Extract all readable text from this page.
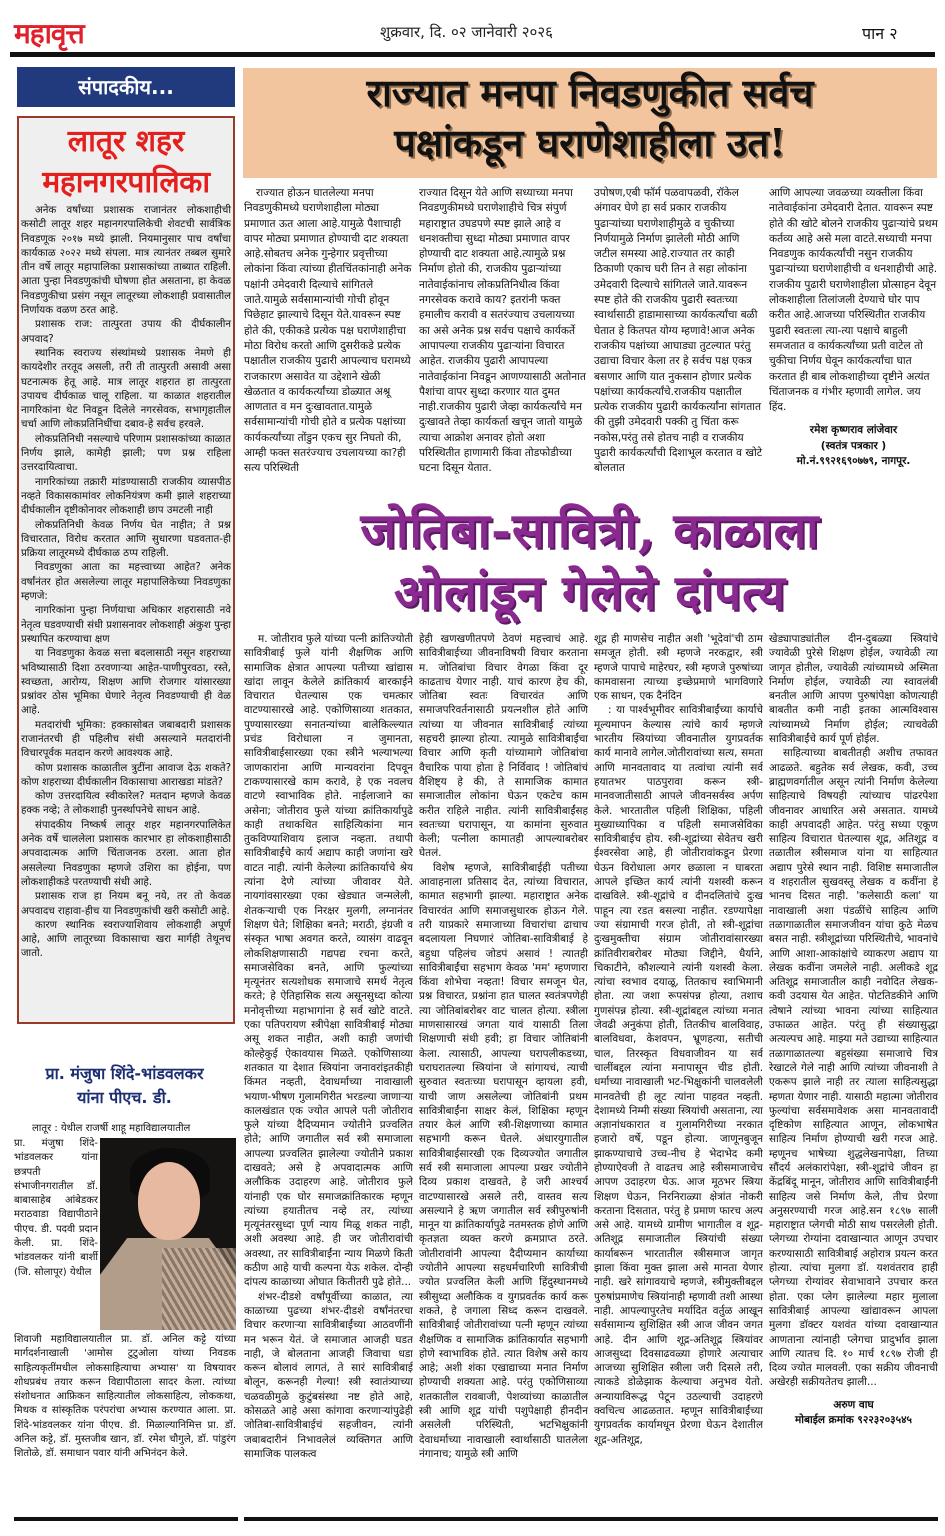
महावृत्त	शुक्रवार, दि. ०२ जानेवारी २०२६	पान २
संपादकीय...
लातूर शहर
महानगरपालिका

अनेक वर्षांच्या प्रशासक राजानंतर लोकशाहीची कसोटी लातूर शहर महानगरपालिकेची शेवटची सार्वत्रिक निवडणूक २०१७ मध्ये झाली. नियमानुसार पाच वर्षांचा कार्यकाळ २०२२ मध्ये संपला. मात्र त्यानंतर तब्बल सुमारे तीन वर्षे लातूर महापालिका प्रशासकांच्या ताब्यात राहिली. आता पुन्हा निवडणुकांची घोषणा होत असताना, हा केवळ निवडणुकीचा प्रसंग नसून लातूरच्या लोकशाही प्रवासातील निर्णायक वळण ठरत आहे.

प्रशासक राज: तात्पुरता उपाय की दीर्घकालीन अपवाद?

स्थानिक स्वराज्य संस्थांमध्ये प्रशासक नेमणे ही कायदेशीर तरतूद असली, तरी ती तात्पुरती असावी असा घटनात्मक हेतू आहे. मात्र लातूर शहरात हा तात्पुरता उपायच दीर्घकाळ चालू राहिला. या काळात शहरातील नागरिकांना थेट निवडून दिलेले नगरसेवक, सभागृहातील चर्चा आणि लोकप्रतिनिधींचा दबाव-हे सर्वच हरवले.

लोकप्रतिनिधी नसल्याचे परिणाम प्रशासकांच्या काळात निर्णय झाले, कामेही झाली; पण प्रश्न राहिला उत्तरदायित्वाचा.

नागरिकांच्या तक्रारी मांडण्यासाठी राजकीय व्यासपीठ नव्हते विकासकामांवर लोकनियंत्रण कमी झाले शहराच्या दीर्घकालीन दृष्टीकोनावर लोकशाही छाप उमटली नाही

लोकप्रतिनिधी केवळ निर्णय घेत नाहीत; ते प्रश्न विचारतात, विरोध करतात आणि सुधारणा घडवतात-ही प्रक्रिया लातूरमध्ये दीर्घकाळ ठप्प राहिली.

निवडणुका आता का महत्त्वाच्या आहेत? अनेक वर्षांनंतर होत असलेल्या लातूर महापालिकेच्या निवडणुका म्हणजे:

नागरिकांना पुन्हा निर्णयाचा अधिकार शहरासाठी नवे नेतृत्व घडवण्याची संधी प्रशासनावर लोकशाही अंकुश पुन्हा प्रस्थापित करण्याचा क्षण

या निवडणुका केवळ सत्ता बदलासाठी नसून शहराच्या भविष्यासाठी दिशा ठरवणाऱ्या आहेत-पाणीपुरवठा, रस्ते, स्वच्छता, आरोग्य, शिक्षण आणि रोजगार यांसारख्या प्रश्नांवर ठोस भूमिका घेणारे नेतृत्व निवडण्याची ही वेळ आहे.

मतदारांची भूमिका: हक्कासोबत जबाबदारी प्रशासक राजानंतरची ही पहिलीच संधी असल्याने मतदारांनी विचारपूर्वक मतदान करणे आवश्यक आहे.

कोण प्रशासक काळातील त्रुटींना आवाज देऊ शकते? कोण शहराच्या दीर्घकालीन विकासाचा आराखडा मांडते?

कोण उत्तरदायित्व स्वीकारेल? मतदान म्हणजे केवळ हक्क नव्हे; ते लोकशाही पुनर्स्थापनेचे साधन आहे.

संपादकीय निष्कर्ष लातूर शहर महानगरपालिकेत अनेक वर्षे चाललेला प्रशासक कारभार हा लोकशाहीसाठी अपवादात्मक आणि चिंताजनक ठरला. आता होत असलेल्या निवडणुका म्हणजे उशिरा का होईना, पण लोकशाहीकडे परतण्याची संधी आहे.

प्रशासक राज हा नियम बनू नये, तर तो केवळ अपवादच राहावा-हीच या निवडणुकांची खरी कसोटी आहे.

कारण स्थानिक स्वराज्याशिवाय लोकशाही अपूर्ण आहे, आणि लातूरच्या विकासाचा खरा मार्गही तेथूनच जातो.

प्रा. मंजुषा शिंदे-भांडवलकर
यांना पीएच. डी.
लातूर : येथील राजर्षी शाहू महाविद्यालयातील
प्रा. मंजुषा शिंदे-भांडवलकर यांना छत्रपती संभाजीनगरातील डॉ. बाबासाहेब आंबेडकर मराठवाडा विद्यापीठाने पीएच. डी. पदवी प्रदान केली. प्रा. शिंदे-भांडवलकर यांनी बार्शी (जि. सोलापूर) येथील
शिवाजी महाविद्यालयातील प्रा. डॉ. अनिल कट्टे यांच्या मार्गदर्शनाखाली 'आमोस टुटुओला यांच्या निवडक साहित्यकृतींमधील लोकसाहित्याचा अभ्यास' या विषयावर शोधप्रबंध तयार करून विद्यापीठाला सादर केला. त्यांच्या संशोधनात आफ्रिकन साहित्यातील लोकसाहित्य, लोककथा, मिथक व सांस्कृतिक परंपरांचा अभ्यास करण्यात आला. प्रा. शिंदे-भांडवलकर यांना पीएच. डी. मिळाल्यानिमित्त प्रा. डॉ. अनिल कट्टे, डॉ. मुस्तजीब खान, डॉ. रमेश चौगुले, डॉ. पांडुरंग शितोळे, डॉ. समाधान पवार यांनी अभिनंदन केले.
राज्यात मनपा निवडणुकीत सर्वच
पक्षांकडून घराणेशाहीला उत!

राज्यात होऊन घातलेल्या मनपा निवडणुकीमध्ये घराणेशाहीला मोठ्या प्रमाणात ऊत आला आहे.यामुळे पैशाचाही वापर मोठ्या प्रमाणात होण्याची दाट शक्यता आहे.सोबतच अनेक गुन्हेगार प्रवृत्तीच्या लोकांना किंवा त्यांच्या हीतचिंतकांनाही अनेक पक्षांनी उमेदवारी दिल्याचे सांगितले जाते.यामुळे सर्वसामान्यांची गोची होवून पिछेहाट झाल्याचे दिसून येते.यावरून स्पष्ट होते की, एकीकडे प्रत्येक पक्ष घराणेशाहीचा मोठा विरोध करतो आणि दुसरीकडे प्रत्येक पक्षातील राजकीय पुढारी आपल्याच घरामध्ये राजकारण असावेत या उद्देशाने खेळी खेळतात व कार्यकर्त्यांच्या डोळ्यात अश्रू आणतात व मन दुःखावतात.यामुळे सर्वसामान्यांची गोची होते व प्रत्येक पक्षांच्या कार्यकर्त्यांच्या तोंडुन एकच सुर निघतो की, आम्ही फक्त सतरंज्याच उचलायच्या का?ही सत्य परिस्थिती

राज्यात दिसून येते आणि सध्याच्या मनपा निवडणुकीमध्ये घराणेशाहीचे चित्र संपुर्ण महाराष्ट्रात उघडपणे स्पष्ट झाले आहे व धनशक्तीचा सुध्दा मोठ्या प्रमाणात वापर होण्याची दाट शक्यता आहे.त्यामुळे प्रश्न निर्माण होतो की, राजकीय पुढाऱ्यांच्या नातेवाईकांनाच लोकप्रतिनिधीत्व किंवा नगरसेवक करावे काय? इतरांनी फक्त हमालीच करावी व सतरंज्याच उचलायच्या का असे अनेक प्रश्न सर्वच पक्षाचे कार्यकर्ते आपापल्या राजकीय पुढाऱ्यांना विचारत आहेत. राजकीय पुढारी आपापल्या नातेवाईकांना निवडून आणण्यासाठी अतोनात पैशांचा वापर सुध्दा करणार यात दुमत नाही.राजकीय पुढारी जेव्हा कार्यकर्त्यांचे मन दुःखावते तेव्हा कार्यकर्ता खचून जातो यामुळे त्याचा आक्रोश अनावर होतो अशा परिस्थितीत हाणामारी किंवा तोडफोडीच्या घटना दिसून येतात.

उपोषण,एबी फॉर्म पळवापळवी, रॉकेल अंगावर घेणे हा सर्व प्रकार राजकीय पुढाऱ्यांच्या घराणेशाहीमुळे व चुकीच्या निर्णयामुळे निर्माण झालेली मोठी आणि जटील समस्या आहे.राज्यात तर काही ठिकाणी एकाच घरी तिन ते सहा लोकांना उमेदवारी दिल्याचे सांगितले जाते.यावरून स्पष्ट होते की राजकीय पुढारी स्वतःच्या स्वार्थासाठी हाडामासाच्या कार्यकर्त्यांचा बळी घेतात हे कितपत योग्य म्हणावे!आज अनेक राजकीय पक्षांच्या आघाड्या तुटल्यात परंतु उद्याचा विचार केला तर हे सर्वच पक्ष एकत्र बसणार आणि यात नुकसान होणार प्रत्येक पक्षांच्या कार्यकर्त्यांचे.राजकीय पक्षातील प्रत्येक राजकीय पुढारी कार्यकर्त्यांना सांगतात की तुझी उमेदवारी पक्की तु चिंता करू नकोस,परंतु तसे होतच नाही व राजकीय पुढारी कार्यकर्त्यांची दिशाभूल करतात व खोटे बोलतात

आणि आपल्या जवळच्या व्यक्तीला किंवा नातेवाईकांना उमेदवारी देतात. यावरून स्पष्ट होते की खोटे बोलने राजकीय पुढाऱ्यांचे प्रथम कर्तव्य आहे असे मला वाटते.सध्याची मनपा निवडणुक कार्यकर्त्यांची नसुन राजकीय पुढाऱ्यांच्या घराणेशाहीची व धनशाहीची आहे. राजकीय पुढारी घराणेशाहीला प्रोत्साहन देवून लोकशाहीला तिलांजली देण्याचे घोर पाप करीत आहे.आजच्या परिस्थितीत राजकीय पुढारी स्वतःला त्या-त्या पक्षाचे बाहुली समजतात व कार्यकर्त्यांच्या प्रती वाटेल तो चुकीचा निर्णय घेवून कार्यकर्त्यांचा घात करतात ही बाब लोकशाहीच्या दृष्टीने अत्यंत चिंताजनक व गंभीर म्हणावी लागेल. जय हिंद.

रमेश कृष्णराव लांजेवार
(स्वतंत्र पत्रकार )
मो.नं.९९२१६९०७७९, नागपूर.
जोतिबा-सावित्री, काळाला
ओलांडून गेलेले दांपत्य

म. जोतीराव फुले यांच्या पत्नी क्रांतिज्योती सावित्रीबाई फुले यांनी शैक्षणिक आणि सामाजिक क्षेत्रात आपल्या पतीच्या खांद्यास खांदा लावून केलेले क्रांतिकार्य बारकाईने विचारात घेतल्यास एक चमत्कार वाटण्यासारखे आहे. एकोणिसाव्या शतकात, पुण्यासारख्या सनातन्यांच्या बालेकिल्ल्यात प्रचंड विरोधाला न जुमानता, सावित्रीबाईसारख्या एका स्त्रीने भल्याभल्या जाणकारांना आणि मान्यवरांना दिपवून टाकण्यासारखे काम करावे, हे एक नवलच वाटणे स्वाभाविक होते. नाईलाजाने का असेना; जोतीराव फुले यांच्या क्रांतिकार्यापुढे काही तथाकथित साहित्यिकांना मान तुकविण्याशिवाय इलाज नव्हता. तथापी सावित्रीबाईंचे कार्य अद्याप काही जणांना खरे वाटत नाही. त्यांनी केलेल्या क्रांतिकार्याचे श्रेय त्यांना देणे त्यांच्या जीवावर येते. नायगांवसारख्या एका खेड्यात जन्मलेली, शेतकऱ्याची एक निरक्षर मुलगी, लग्नानंतर शिक्षण घेते; शिक्षिका बनते; मराठी, इंग्रजी व संस्कृत भाषा अवगत करते, व्यासंग वाढवून लोकशिक्षणासाठी गद्यपद्य रचना करते, समाजसेविका बनते, आणि फुल्यांच्या मृत्यूनंतर सत्यशोधक समाजाचे समर्थ नेतृत्व करते; हे ऐतिहासिक सत्य असूनसुध्दा कोत्या मनोवृत्तीच्या महाभागांना हे सर्व खोटे वाटते. एका पतिपरायण स्त्रीपेक्षा सावित्रीबाई मोठ्या असू शकत नाहीत, अशी काही जणांची कोल्हेकुई ऐकावयास मिळते. एकोणिसाव्या शतकात या देशात स्त्रियांना जनावरांइतकीही किंमत नव्हती, देवाधर्माच्या नावाखाली भयाण-भीषण गुलामगिरीत भरडल्या जाणाऱ्या कालखंडात एक ज्योत आपले पती जोतीराव फुले यांच्या दैदिप्यमान ज्योतीने प्रज्वलित होते; आणि जगातील सर्व स्त्री समाजाला आपल्या प्रज्वलित झालेल्या ज्योतीने प्रकाश दाखवते; असे हे अपवादात्मक आणि अलौकिक उदाहरण आहे. जोतीराव फुले यांनाही एक घोर समाजक्रांतिकारक म्हणून त्यांच्या हयातीतच नव्हे तर, त्यांच्या मृत्यूनंतरसुध्दा पूर्ण न्याय मिळू शकत नाही, अशी अवस्था आहे. ही जर जोतीरावांची अवस्था, तर सावित्रीबाईंना न्याय मिळणे किती कठीण आहे याची कल्पना येऊ शकेल. दोन्ही दांपत्य काळाच्या ओघात कितीतरी पुढे होते...

शंभर-दीडशे वर्षांपूर्वीच्या काळात, त्या काळाच्या पुढच्या शंभर-दीडशे वर्षांनंतरचा विचार करणाऱ्या सावित्रीबाईंच्या आठवणींनी मन भरून येतं. जे समाजात आजही घडत नाही, जे बोलताना आजही जिवाचा धडा करून बोलावं लागतं, ते सारं सावित्रीबाई बोलून, करूनही गेल्या! स्त्री स्वातंत्र्याच्या चळवळीमुळे कुटुंबसंस्था नष्ट होते आहे, कोसळते आहे असा कांगावा करणाऱ्यांपुढेही जोतिबा-सावित्रीबाईचं सहजीवन, त्यांनी जबाबदारीनं निभावलेलं व्यक्तिगत आणि सामाजिक पालकत्व

हेही खणखणीतपणे ठेवणं महत्त्वाचं आहे. सावित्रीबाईच्या जीवनाविषयी विचार करताना म. जोतिबांचा विचार वेगळा किंवा दूर काढताच येणार नाही. याचं कारण हेच की, जोतिबा स्वतः विचारवंत आणि समाजपरिवर्तनासाठी प्रयत्नशील होते आणि त्यांच्या या जीवनात सावित्रीबाई त्यांच्या सहचरी झाल्या होत्या. त्यामुळे सावित्रीबाईंचा विचार आणि कृती यांच्यामागे जोतिबांचा वैचारिक पाया होता हे निर्विवाद ! जोतिबांचं वैशिष्ट्य हे की, ते सामाजिक कामात समाजातील लोकांना घेऊन एकटेच काम करीत राहिले नाहीत. त्यांनी सावित्रीबाईंसह स्वतःच्या घरापासून, या कामांना सुरुवात केली; पत्नीला कामातही आपल्याबरोबर घेतलं.

विशेष म्हणजे, सावित्रीबाईही पतीच्या आवाहनाला प्रतिसाद देत, त्यांच्या विचारात, कामात सहभागी झाल्या. महाराष्ट्रात अनेक विचारवंत आणि समाजसुधारक होऊन गेले. तरी याप्रकारे समाजाच्या विचारांचा ढाचाच बदलायला निघणारं जोतिबा-सावित्रीबाई हे बहुधा पहिलंच जोडपं असावं ! त्यातही सावित्रीबाईंचा सहभाग केवळ 'मम' म्हणणारा किंवा शोभेचा नव्हता! विचार समजून घेत, प्रश्न विचारत, प्रश्नांना हात घालत स्वतंत्रपणेही त्या जोतिबांबरोबर वाट चालत होत्या. स्त्रीला माणसासारखं जगता यावं यासाठी तिला शिक्षणाची संधी हवी; हा विचार जोतिबांनी केला. त्यासाठी, आपल्या घरापलीकडच्या, घराघरातल्या स्त्रियांना जे सांगायचं, त्याची सुरुवात स्वतःच्या घरापासून व्हायला हवी, याची जाण असलेल्या जोतिबांनी प्रथम सावित्रीबाईंना साक्षर केलं, शिक्षिका म्हणून तयार केलं आणि स्त्री-शिक्षणाच्या कामात सहभागी करून घेतले. अंधारयुगातील सावित्रीबाईसारखी एक दिव्यज्योत जगातील सर्व स्त्री समाजाला आपल्या प्रखर ज्योतीने दिव्य प्रकाश दाखवते, हे जरी आश्चर्य वाटण्यासारखे असले तरी, वास्तव सत्य असल्याने हे ऋण जगातील सर्व स्त्रीपुरुषांनी मानून या क्रांतिकार्यापुढे नतमस्तक होणे आणि कृतज्ञता व्यक्त करणे क्रमप्राप्त ठरते. जोतीरावांनी आपल्या दैदीप्यमान कार्याच्या ज्योतीने आपल्या सहधर्मचारिणी सावित्रीची ज्योत प्रज्वलित केली आणि हिंदुस्थानमध्ये स्त्रीसुध्दा अलौकिक व युगप्रवर्तक कार्य करू शकते, हे जगाला सिध्द करून दाखवले. सावित्रीबाई जोतीरावांच्या पत्नी म्हणून त्यांच्या शैक्षणिक व सामाजिक क्रांतिकार्यात सहभागी होणे स्वाभाविक होते. त्यात विशेष असे काय आहे; अशी शंका एखाद्याच्या मनात निर्माण होण्याची शक्यता आहे. परंतु एकोणिसाव्या शतकातील रावबाजी, पेशव्यांच्या काळातील स्त्री आणि शूद्र यांची पशुपेक्षाही हीनदीन असलेली परिस्थिती, भटभिक्षुकांनी देवाधर्माच्या नावाखाली स्वार्थासाठी घातलेला नंगानाच; यामुळे स्त्री आणि

शूद्र ही माणसेच नाहीत अशी 'भूदेवां'ची ठाम समजूत होती. स्त्री म्हणजे नरकद्वार, स्त्री म्हणजे पापाचे माहेरघर, स्त्री म्हणजे पुरुषांच्या कामवासना त्याच्या इच्छेप्रमाणे भागविणारे एक साधन, एक दैनंदिन

: या पार्श्वभूमीवर सावित्रीबाईंच्या कार्याचे मूल्यमापन केल्यास त्यांचे कार्य म्हणजे भारतीय स्त्रियांच्या जीवनातील युगप्रवर्तक कार्य मानावे लागेल.जोतीरावांच्या सत्य, समता आणि मानवतावाद या तत्वांचा त्यांनी सर्व हयातभर पाठपुरावा करून स्त्री-मानवजातीसाठी आपले जीवनसर्वस्व अर्पण केले. भारतातील पहिली शिक्षिका, पहिली मुख्याध्यापिका व पहिली समाजसेविका सावित्रीबाईच होय. स्त्री-शूद्रांच्या सेवेतच खरी ईश्वरसेवा आहे, ही जोतीरावांकडून प्रेरणा घेऊन विरोधाला अगर छळाला न घाबरता आपले इच्छित कार्य त्यांनी यशस्वी करून दाखविले. स्त्री-शूद्रांचे व दीनदलितांचे दुःख पाहून त्या रडत बसल्या नाहीत. रडण्यापेक्षा ज्या संग्रामाची गरज होती, तो स्त्री-शूद्रांचा दुःखमुक्तीचा संग्राम जोतीरावांसारख्या क्रांतिवीराबरोबर मोठ्या जिद्दीने, धैर्याने, चिकाटीने, कौशल्याने त्यांनी यशस्वी केला. त्यांचा स्वभाव दयाळू, तितकाच स्वाभिमानी होता. त्या जशा रूपसंपन्न होत्या, तशाच गुणसंपन्न होत्या. स्त्री-शूद्रांबद्दल त्यांच्या मनात जेवढी अनुकंपा होती, तितकीच बालविवाह, बालविधवा, केशवपन, भ्रूणहत्या, सतीची चाल, तिरस्कृत विधवाजीवन या सर्व चालींबद्दल त्यांना मनापासून चीड होती. धर्माच्या नावाखाली भट-भिक्षुकांनी चालवलेली मानवतेची ही लूट त्यांना पाहवत नव्हती. देशामध्ये निम्मी संख्या स्त्रियांची असताना, त्या अज्ञानांधकारात व गुलामगिरीच्या नरकात हजारो वर्षे, पडून होत्या. जाणूनबुजून झाकण्याचाचे उच्च-नीच हे भेदाभेद कमी होण्याऐवजी ते वाढतच आहे स्त्रीसमाजाचेच आपण उदाहरण घेऊ. आज मूठभर स्त्रिया शिक्षण घेऊन, निरनिराळ्या क्षेत्रांत नोकरी करताना दिसतात, परंतु हे प्रमाण फारच अल्प असे आहे. यामध्ये ग्रामीण भागातील व शूद्र-अतिशूद्र समाजातील स्त्रियांची संख्या कार्याबरून भारतातील स्त्रीसमाज जागृत झाला किंवा मुक्त झाला असे मानता येणार नाही. खरे सांगावयाचे म्हणजे, स्त्रीमुक्तीबद्दल पुरुषांप्रमाणेच स्त्रियांनाही म्हणावी तशी आस्था नाही. आपल्यापुरतेच मर्यादित वर्तुळ आखून सर्वसामान्य सुशिक्षित स्त्री आज जीवन जगत आहे. दीन आणि शूद्र-अतिशूद्र स्त्रियांवर आजसुध्दा दिवसाढवळ्या होणारे अत्याचार आजच्या सुशिक्षित स्त्रीला जरी दिसले तरी, त्याकडे डोळेझाक केल्याचा अनुभव येतो. अन्यायाविरूद्ध पेटून उठल्याची उदाहरणे क्वचित्च आढळतात. म्हणून सावित्रीबाईंच्या युगप्रवर्तक कार्यामधून प्रेरणा घेऊन देशातील शूद्र-अतिशूद्र,

खेड्यापाड्यांतील दीन-दुबळ्या स्त्रियांचे ज्यावेळी पुरेसे शिक्षण होईल, ज्यावेळी त्या जागृत होतील, ज्यावेळी त्यांच्यामध्ये अस्मिता निर्माण होईल, ज्यावेळी त्या स्वावलंबी बनतील आणि आपण पुरुषांपेक्षा कोणत्याही बाबतीत कमी नाही इतका आत्मविश्वास त्यांच्यामध्ये निर्माण होईल; त्याचवेळी सावित्रीबाईंचे कार्य पूर्ण होईल.

साहित्याच्या बाबतीतही अशीच तफावत आढळते. बहुतेक सर्व लेखक, कवी, उच्च ब्राह्मणवर्गातील असून त्यांनी निर्माण केलेल्या साहित्याचे विषयही त्यांच्याच पांढरपेशा जीवनावर आधारित असे असतात. यामध्ये काही अपवादही आहेत. परंतु सध्या एकूण साहित्य विचारात घेतल्यास शूद्र, अतिशूद्र व तळातील स्त्रीसमाज यांना या साहित्यात अद्याप पुरेसे स्थान नाही. विशिष्ट समाजातील व शहरातील सुखवस्तू लेखक व कवींना हे भानच दिसत नाही. 'कलेसाठी कला' या नावाखाली अशा पंडळींचे साहित्य आणि तळागाळातील समाजजीवन यांचा कुठे मेळच बसत नाही. स्त्रीशूद्रांच्या परिस्थितीचे, भावनांचे आणि आशा-आकांक्षांचे व्याकरण अद्याप या लेखक कवींना जमलेले नाही. अलीकडे शूद्र अतिशूद्र समाजातील काही नवोदित लेखक-कवी उदयास येत आहेत. पोटतिडकीने आणि त्वेषाने त्यांच्या भावना त्यांच्या साहित्यात उफाळत आहेत. परंतु ही संख्यासुद्धा अत्यल्पच आहे. माझ्या मते उद्याच्या साहित्यात तळागाळातल्या बहुसंख्या समाजाचे चित्र रेखाटले गेले नाही आणि त्यांच्या जीवनाशी ते एकरूप झाले नाही तर त्याला साहित्यसुद्धा म्हणता येणार नाही. यासाठी महात्मा जोतीराव फुल्यांचा सर्वसमावेशक असा मानवतावादी दृष्टिकोण साहित्यात आणून, लोकभाषेत साहित्य निर्माण होण्याची खरी गरज आहे. म्हणूनच भाषेच्या शुद्धलेखनापेक्षा, तिच्या सौंदर्य अलंकारांपेक्षा, स्त्री-शूद्रांचे जीवन हा केंद्रबिंदू मानून, जोतीराव आणि सावित्रीबाईंनी साहित्य जसे निर्माण केले, तीच प्रेरणा अनुसरण्याची गरज आहे.सन १८९७ साली महाराष्ट्रात प्लेगची मोठी साथ पसरलेली होती. प्लेगच्या रोग्यांना दवाखान्यात आणून उपचार करण्यासाठी सावित्रीबाई अहोरात्र प्रयत्न करत होत्या. त्यांचा मुलगा डॉ. यशवंतराव हाही प्लेगच्या रोग्यांवर सेवाभावाने उपचार करत होता. एका प्लेग झालेल्या महार मुलाला सावित्रीबाई आपल्या खांद्यावरून आपला मुलगा डॉक्टर यशवंत यांच्या दवाखान्यात आणताना त्यांनाही प्लेगचा प्रादुर्भाव झाला आणि त्यातच दि. १० मार्च १८९७ रोजी ही दिव्य ज्योत मालवली. एका सक्रीय जीवनाची अखेरही सक्रीयतेतच झाली...

अरुण वाघ
मोबाईल क्रमांक ९२२३२०३५४५
